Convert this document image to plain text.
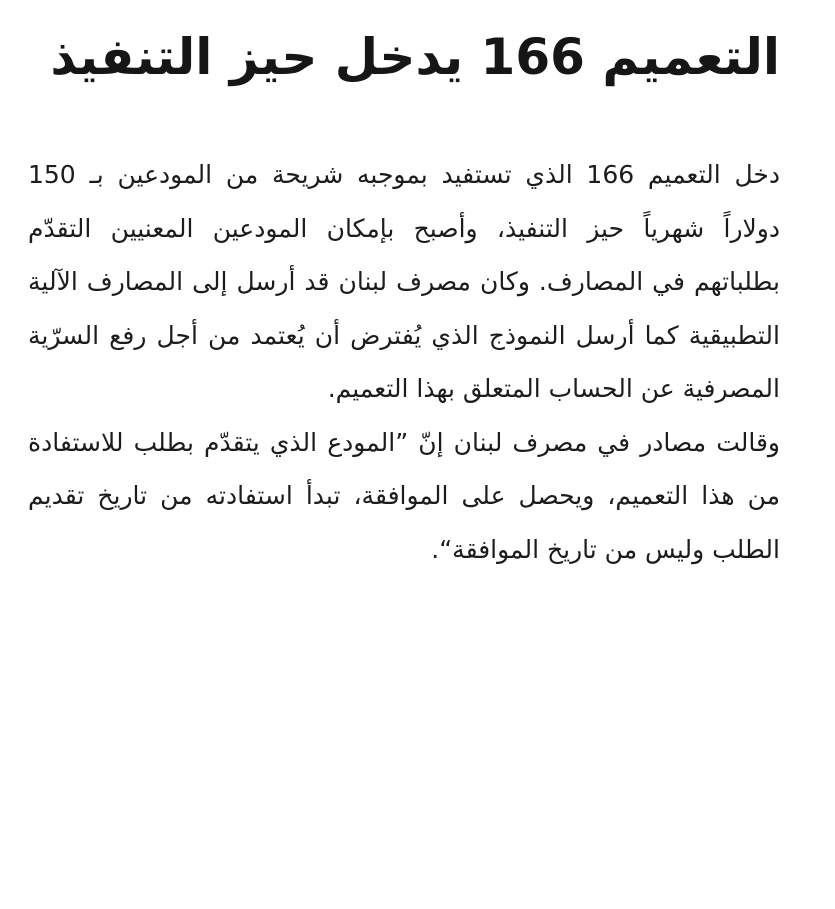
التعميم 166 يدخل حيز التنفيذ

دخل التعميم 166 الذي تستفيد بموجبه شريحة من المودعين بـ 150 دولاراً شهرياً حيز التنفيذ، وأصبح بإمكان المودعين المعنيين التقدّم بطلباتهم في المصارف. وكان مصرف لبنان قد أرسل إلى المصارف الآلية التطبيقية كما أرسل النموذج الذي يُفترض أن يُعتمد من أجل رفع السرّية المصرفية عن الحساب المتعلق بهذا التعميم.

وقالت مصادر في مصرف لبنان إنّ ”المودع الذي يتقدّم بطلب للاستفادة من هذا التعميم، ويحصل على الموافقة، تبدأ استفادته من تاريخ تقديم الطلب وليس من تاريخ الموافقة“.
